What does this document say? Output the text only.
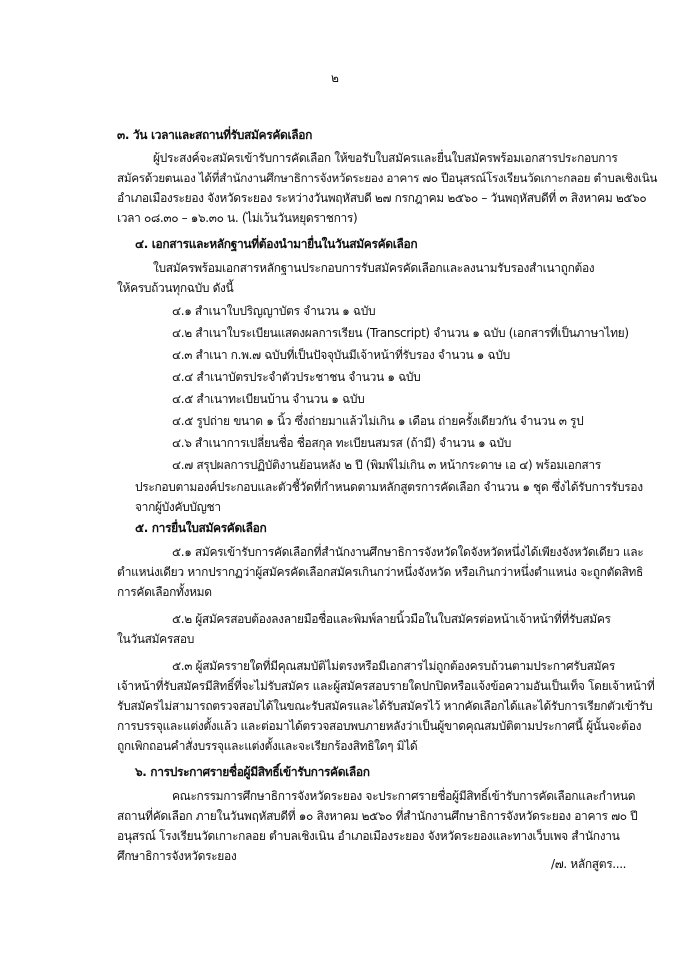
๒
๓. วัน เวลาและสถานที่รับสมัครคัดเลือก
ผู้ประสงค์จะสมัครเข้ารับการคัดเลือก ให้ขอรับใบสมัครและยื่นใบสมัครพร้อมเอกสารประกอบการ
สมัครด้วยตนเอง ได้ที่สำนักงานศึกษาธิการจังหวัดระยอง อาคาร ๗๐ ปีอนุสรณ์โรงเรียนวัดเกาะกลอย ตำบลเชิงเนิน
อำเภอเมืองระยอง จังหวัดระยอง ระหว่างวันพฤหัสบดี ๒๗ กรกฎาคม ๒๕๖๐ – วันพฤหัสบดีที่ ๓ สิงหาคม ๒๕๖๐
เวลา ๐๘.๓๐ – ๑๖.๓๐ น. (ไม่เว้นวันหยุดราชการ)
๔. เอกสารและหลักฐานที่ต้องนำมายื่นในวันสมัครคัดเลือก
ใบสมัครพร้อมเอกสารหลักฐานประกอบการรับสมัครคัดเลือกและลงนามรับรองสำเนาถูกต้อง
ให้ครบถ้วนทุกฉบับ ดังนี้
๔.๑ สำเนาใบปริญญาบัตร จำนวน ๑ ฉบับ
๔.๒ สำเนาใบระเบียนแสดงผลการเรียน (Transcript) จำนวน ๑ ฉบับ (เอกสารที่เป็นภาษาไทย)
๔.๓ สำเนา ก.พ.๗ ฉบับที่เป็นปัจจุบันมีเจ้าหน้าที่รับรอง จำนวน ๑ ฉบับ
๔.๔ สำเนาบัตรประจำตัวประชาชน จำนวน ๑ ฉบับ
๔.๕ สำเนาทะเบียนบ้าน จำนวน ๑ ฉบับ
๔.๕ รูปถ่าย ขนาด ๑ นิ้ว ซึ่งถ่ายมาแล้วไม่เกิน ๑ เดือน ถ่ายครั้งเดียวกัน จำนวน ๓ รูป
๔.๖ สำเนาการเปลี่ยนชื่อ ชื่อสกุล ทะเบียนสมรส (ถ้ามี) จำนวน ๑ ฉบับ
๔.๗ สรุปผลการปฏิบัติงานย้อนหลัง ๒ ปี (พิมพ์ไม่เกิน ๓ หน้ากระดาษ เอ ๔) พร้อมเอกสาร
ประกอบตามองค์ประกอบและตัวชี้วัดที่กำหนดตามหลักสูตรการคัดเลือก จำนวน ๑ ชุด ซึ่งได้รับการรับรอง
จากผู้บังคับบัญชา
๕. การยื่นใบสมัครคัดเลือก
๕.๑ สมัครเข้ารับการคัดเลือกที่สำนักงานศึกษาธิการจังหวัดใดจังหวัดหนึ่งได้เพียงจังหวัดเดียว และ
ตำแหน่งเดียว หากปรากฏว่าผู้สมัครคัดเลือกสมัครเกินกว่าหนึ่งจังหวัด หรือเกินกว่าหนึ่งตำแหน่ง จะถูกตัดสิทธิ
การคัดเลือกทั้งหมด
๕.๒ ผู้สมัครสอบต้องลงลายมือชื่อและพิมพ์ลายนิ้วมือในใบสมัครต่อหน้าเจ้าหน้าที่ที่รับสมัคร
ในวันสมัครสอบ
๕.๓ ผู้สมัครรายใดที่มีคุณสมบัติไม่ตรงหรือมีเอกสารไม่ถูกต้องครบถ้วนตามประกาศรับสมัคร
เจ้าหน้าที่รับสมัครมีสิทธิ์ที่จะไม่รับสมัคร และผู้สมัครสอบรายใดปกปิดหรือแจ้งข้อความอันเป็นเท็จ โดยเจ้าหน้าที่
รับสมัครไม่สามารถตรวจสอบได้ในขณะรับสมัครและได้รับสมัครไว้ หากคัดเลือกได้และได้รับการเรียกตัวเข้ารับ
การบรรจุและแต่งตั้งแล้ว และต่อมาได้ตรวจสอบพบภายหลังว่าเป็นผู้ขาดคุณสมบัติตามประกาศนี้ ผู้นั้นจะต้อง
ถูกเพิกถอนคำสั่งบรรจุและแต่งตั้งและจะเรียกร้องสิทธิใดๆ มิได้
๖. การประกาศรายชื่อผู้มีสิทธิ์เข้ารับการคัดเลือก
คณะกรรมการศึกษาธิการจังหวัดระยอง จะประกาศรายชื่อผู้มีสิทธิ์เข้ารับการคัดเลือกและกำหนด
สถานที่คัดเลือก ภายในวันพฤหัสบดีที่ ๑๐ สิงหาคม ๒๕๖๐ ที่สำนักงานศึกษาธิการจังหวัดระยอง อาคาร ๗๐ ปี
อนุสรณ์ โรงเรียนวัดเกาะกลอย ตำบลเชิงเนิน อำเภอเมืองระยอง จังหวัดระยองและทางเว็บเพจ สำนักงาน
ศึกษาธิการจังหวัดระยอง
/๗. หลักสูตร....
